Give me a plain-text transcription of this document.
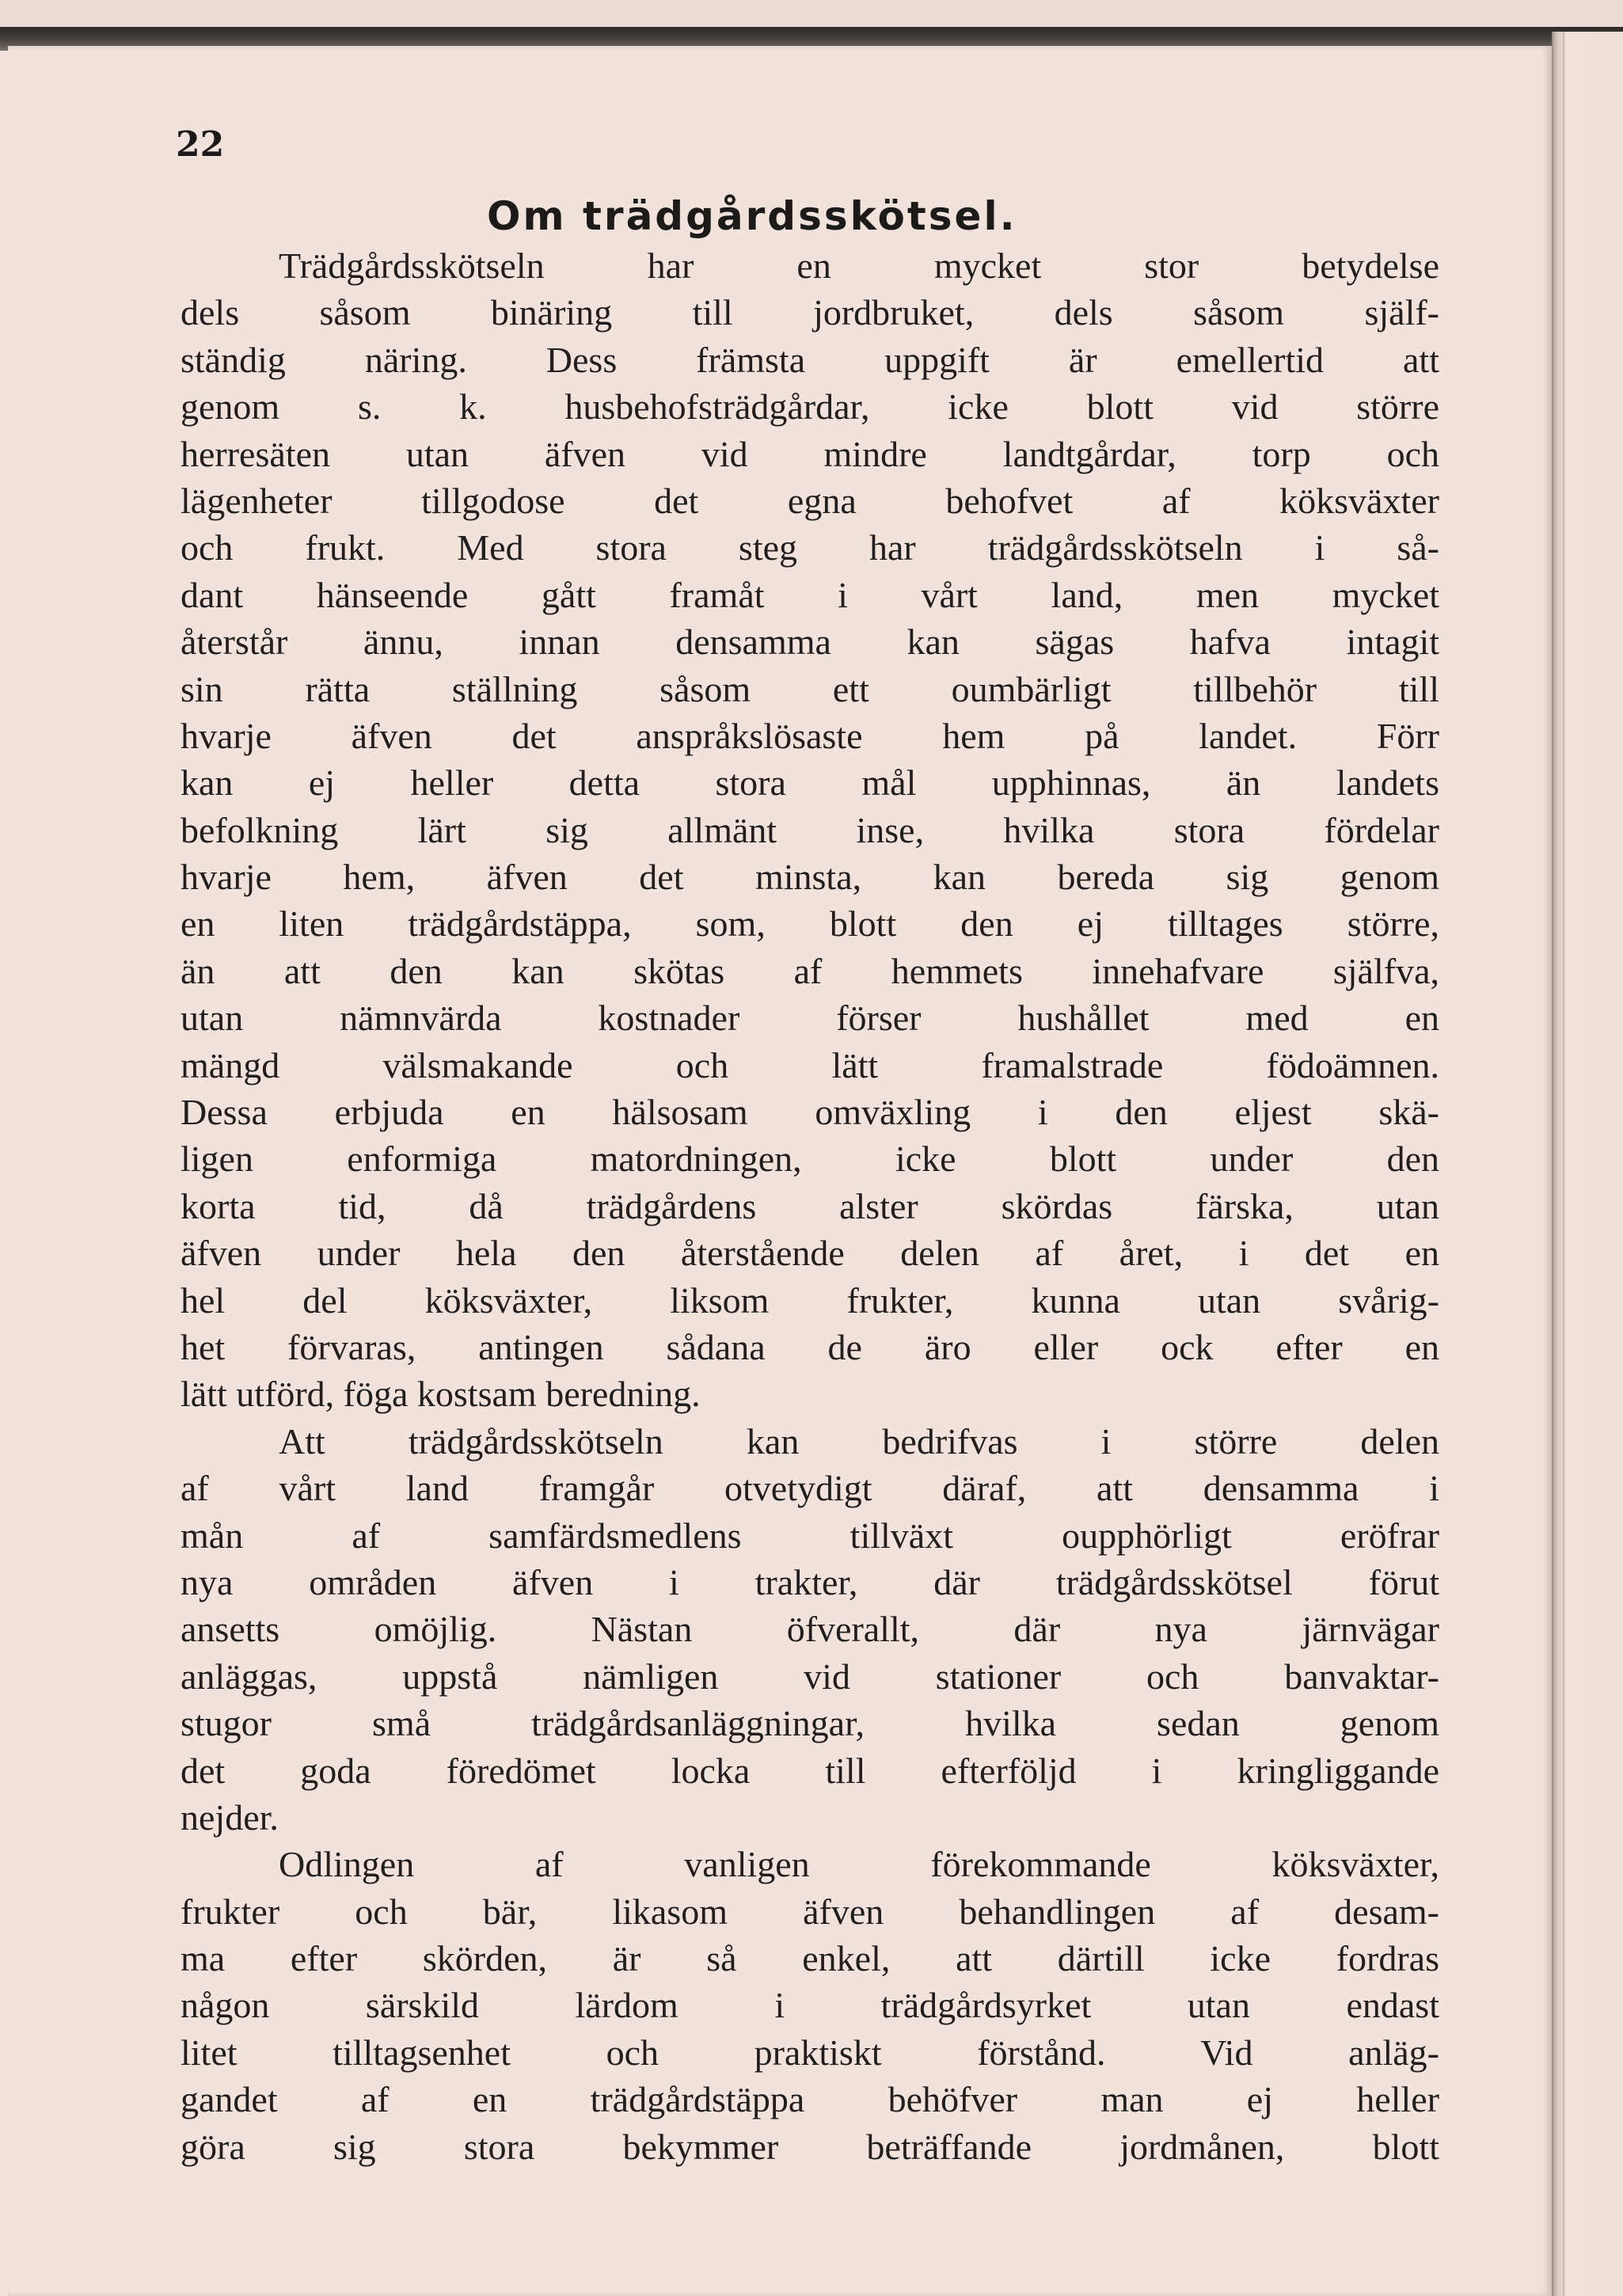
22

Om trädgårdsskötsel.
Trädgårdsskötseln har en mycket stor betydelse
dels såsom binäring till jordbruket, dels såsom själf-
ständig näring. Dess främsta uppgift är emellertid att
genom s. k. husbehofsträdgårdar, icke blott vid större
herresäten utan äfven vid mindre landtgårdar, torp och
lägenheter tillgodose det egna behofvet af köksväxter
och frukt. Med stora steg har trädgårdsskötseln i så-
dant hänseende gått framåt i vårt land, men mycket
återstår ännu, innan densamma kan sägas hafva intagit
sin rätta ställning såsom ett oumbärligt tillbehör till
hvarje äfven det anspråkslösaste hem på landet. Förr
kan ej heller detta stora mål upphinnas, än landets
befolkning lärt sig allmänt inse, hvilka stora fördelar
hvarje hem, äfven det minsta, kan bereda sig genom
en liten trädgårdstäppa, som, blott den ej tilltages större,
än att den kan skötas af hemmets innehafvare själfva,
utan nämnvärda kostnader förser hushållet med en
mängd välsmakande och lätt framalstrade födoämnen.
Dessa erbjuda en hälsosam omväxling i den eljest skä-
ligen enformiga matordningen, icke blott under den
korta tid, då trädgårdens alster skördas färska, utan
äfven under hela den återstående delen af året, i det en
hel del köksväxter, liksom frukter, kunna utan svårig-
het förvaras, antingen sådana de äro eller ock efter en
lätt utförd, föga kostsam beredning.
Att trädgårdsskötseln kan bedrifvas i större delen
af vårt land framgår otvetydigt däraf, att densamma i
mån af samfärdsmedlens tillväxt oupphörligt eröfrar
nya områden äfven i trakter, där trädgårdsskötsel förut
ansetts omöjlig. Nästan öfverallt, där nya järnvägar
anläggas, uppstå nämligen vid stationer och banvaktar-
stugor små trädgårdsanläggningar, hvilka sedan genom
det goda föredömet locka till efterföljd i kringliggande
nejder.
Odlingen af vanligen förekommande köksväxter,
frukter och bär, likasom äfven behandlingen af desam-
ma efter skörden, är så enkel, att därtill icke fordras
någon särskild lärdom i trädgårdsyrket utan endast
litet tilltagsenhet och praktiskt förstånd. Vid anläg-
gandet af en trädgårdstäppa behöfver man ej heller
göra sig stora bekymmer beträffande jordmånen, blott
